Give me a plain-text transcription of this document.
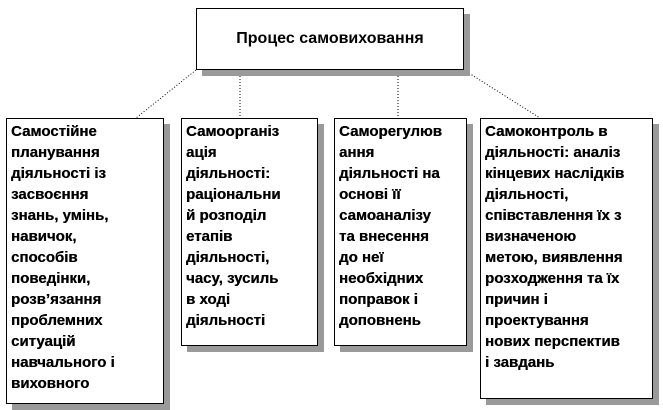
Процес самовиховання
Самостійне
планування
діяльності із
засвоєння
знань, умінь,
навичок,
способів
поведінки,
розв’язання
проблемних
ситуацій
навчального і
виховного
Самоорганіз
ація
діяльності:
раціональни
й розподіл
етапів
діяльності,
часу, зусиль
в ході
діяльності
Саморегулюв
ання
діяльності на
основі її
самоаналізу
та внесення
до неї
необхідних
поправок і
доповнень
Самоконтроль в
діяльності: аналіз
кінцевих наслідків
діяльності,
співставлення їх з
визначеною
метою, виявлення
розходження та їх
причин і
проектування
нових перспектив
і завдань
